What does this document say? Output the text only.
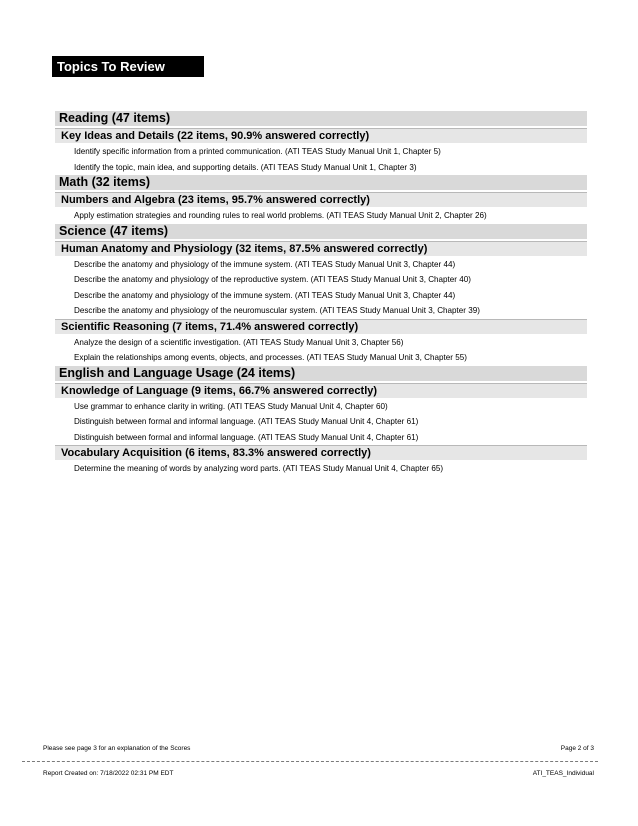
Topics To Review
Reading (47 items)
Key Ideas and Details (22 items, 90.9% answered correctly)
Identify specific information from a printed communication. (ATI TEAS Study Manual Unit 1, Chapter 5)
Identify the topic, main idea, and supporting details. (ATI TEAS Study Manual Unit 1, Chapter 3)
Math (32 items)
Numbers and Algebra (23 items, 95.7% answered correctly)
Apply estimation strategies and rounding rules to real world problems. (ATI TEAS Study Manual Unit 2, Chapter 26)
Science (47 items)
Human Anatomy and Physiology (32 items, 87.5% answered correctly)
Describe the anatomy and physiology of the immune system. (ATI TEAS Study Manual Unit 3, Chapter 44)
Describe the anatomy and physiology of the reproductive system. (ATI TEAS Study Manual Unit 3, Chapter 40)
Describe the anatomy and physiology of the immune system. (ATI TEAS Study Manual Unit 3, Chapter 44)
Describe the anatomy and physiology of the neuromuscular system. (ATI TEAS Study Manual Unit 3, Chapter 39)
Scientific Reasoning (7 items, 71.4% answered correctly)
Analyze the design of a scientific investigation. (ATI TEAS Study Manual Unit 3, Chapter 56)
Explain the relationships among events, objects, and processes. (ATI TEAS Study Manual Unit 3, Chapter 55)
English and Language Usage (24 items)
Knowledge of Language (9 items, 66.7% answered correctly)
Use grammar to enhance clarity in writing. (ATI TEAS Study Manual Unit 4, Chapter 60)
Distinguish between formal and informal language. (ATI TEAS Study Manual Unit 4, Chapter 61)
Distinguish between formal and informal language. (ATI TEAS Study Manual Unit 4, Chapter 61)
Vocabulary Acquisition (6 items, 83.3% answered correctly)
Determine the meaning of words by analyzing word parts. (ATI TEAS Study Manual Unit 4, Chapter 65)
Please see page 3 for an explanation of the Scores	Page 2 of 3
Report Created on: 7/18/2022 02:31 PM EDT	ATI_TEAS_Individual
